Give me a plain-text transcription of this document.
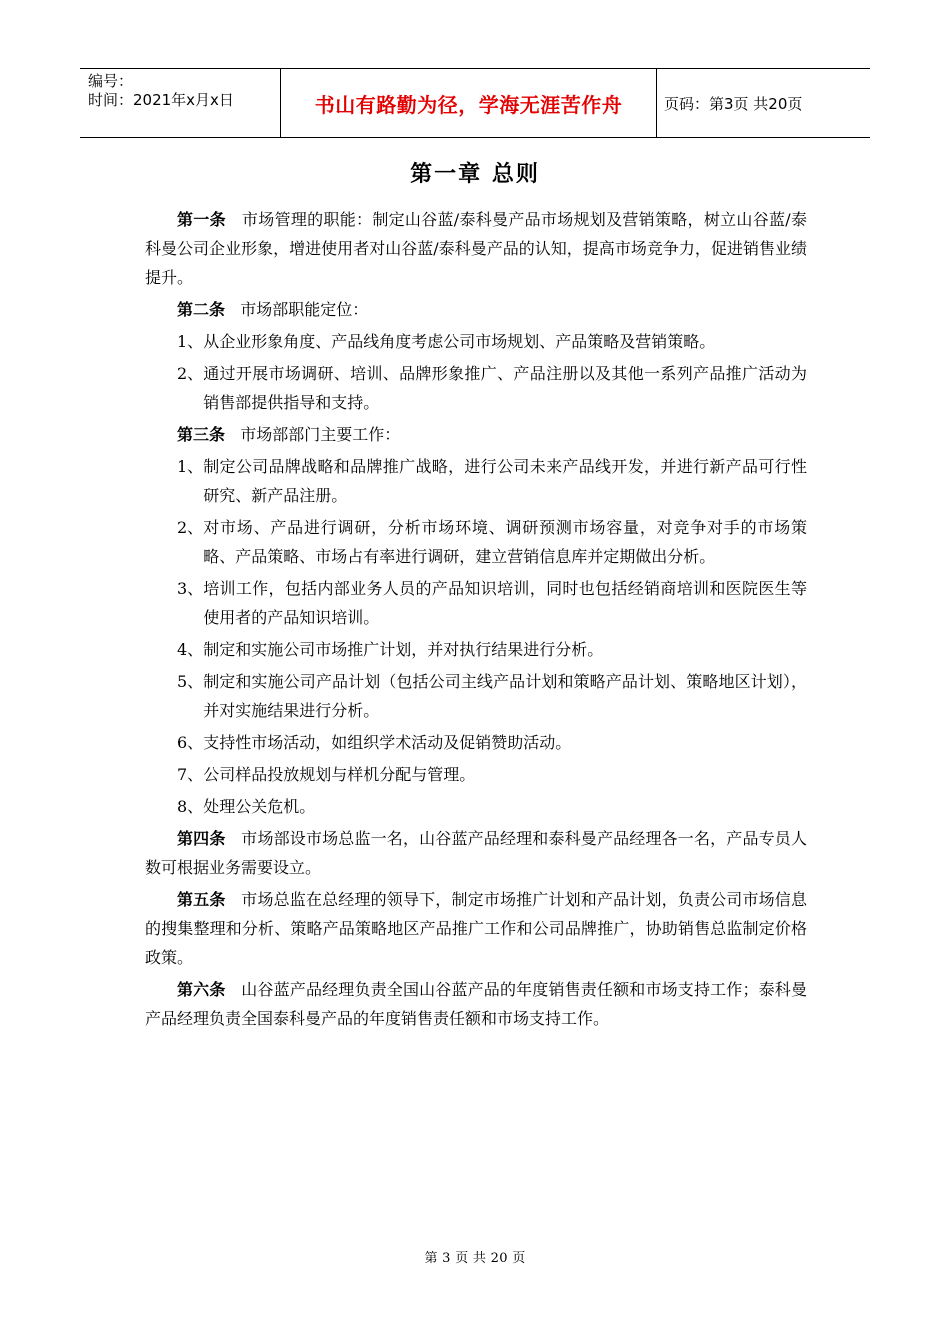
编号：
时间：2021年x月x日	书山有路勤为径，学海无涯苦作舟	页码：第3页 共20页
第一章 总则

第一条 市场管理的职能：制定山谷蓝/泰科曼产品市场规划及营销策略，树立山谷蓝/泰科曼公司企业形象，增进使用者对山谷蓝/泰科曼产品的认知，提高市场竞争力，促进销售业绩提升。

第二条 市场部职能定位：

1、 从企业形象角度、产品线角度考虑公司市场规划、产品策略及营销策略。
2、 通过开展市场调研、培训、品牌形象推广、产品注册以及其他一系列产品推广活动为销售部提供指导和支持。

第三条 市场部部门主要工作：

1、 制定公司品牌战略和品牌推广战略，进行公司未来产品线开发，并进行新产品可行性研究、新产品注册。
2、 对市场、产品进行调研，分析市场环境、调研预测市场容量，对竞争对手的市场策略、产品策略、市场占有率进行调研，建立营销信息库并定期做出分析。
3、 培训工作，包括内部业务人员的产品知识培训，同时也包括经销商培训和医院医生等使用者的产品知识培训。
4、 制定和实施公司市场推广计划，并对执行结果进行分析。
5、 制定和实施公司产品计划（包括公司主线产品计划和策略产品计划、策略地区计划），并对实施结果进行分析。
6、 支持性市场活动，如组织学术活动及促销赞助活动。
7、 公司样品投放规划与样机分配与管理。
8、 处理公关危机。

第四条 市场部设市场总监一名，山谷蓝产品经理和泰科曼产品经理各一名，产品专员人数可根据业务需要设立。

第五条 市场总监在总经理的领导下，制定市场推广计划和产品计划，负责公司市场信息的搜集整理和分析、策略产品策略地区产品推广工作和公司品牌推广，协助销售总监制定价格政策。

第六条 山谷蓝产品经理负责全国山谷蓝产品的年度销售责任额和市场支持工作；泰科曼产品经理负责全国泰科曼产品的年度销售责任额和市场支持工作。

第 3 页 共 20 页
